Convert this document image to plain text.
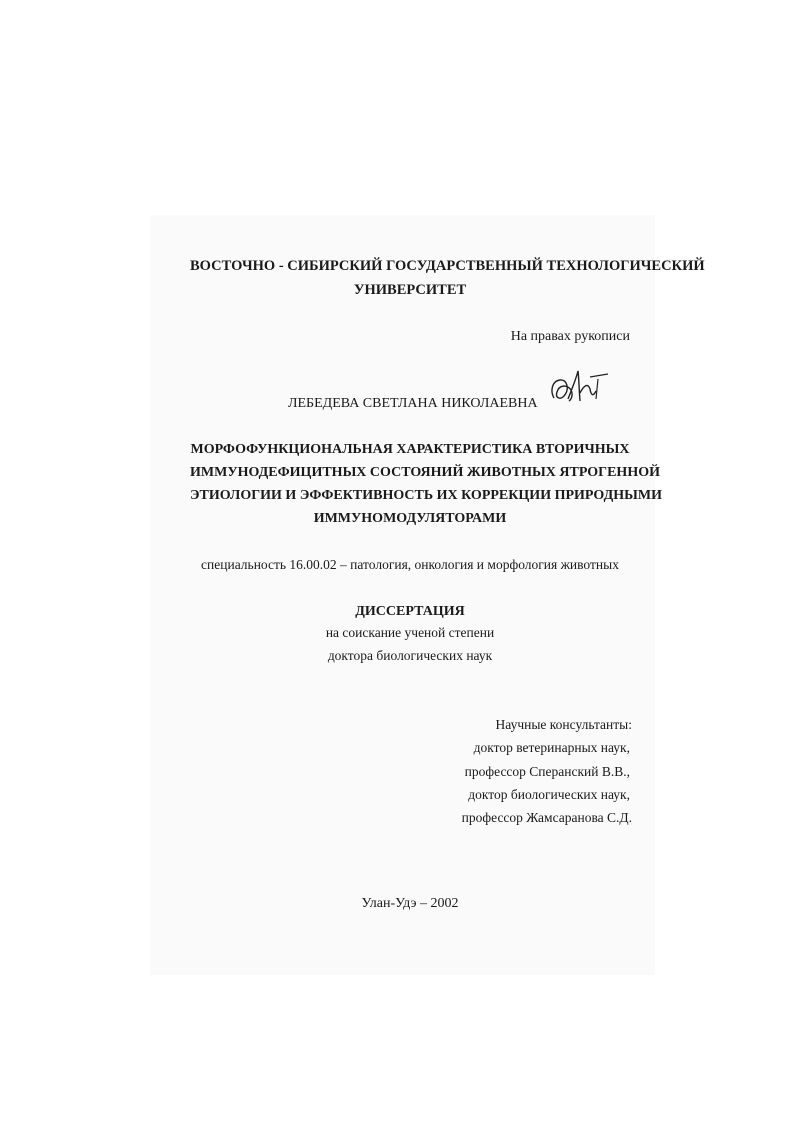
ВОСТОЧНО - СИБИРСКИЙ ГОСУДАРСТВЕННЫЙ ТЕХНОЛОГИЧЕСКИЙ
УНИВЕРСИТЕТ
На правах рукописи
ЛЕБЕДЕВА СВЕТЛАНА НИКОЛАЕВНА
МОРФОФУНКЦИОНАЛЬНАЯ ХАРАКТЕРИСТИКА ВТОРИЧНЫХ
ИММУНОДЕФИЦИТНЫХ СОСТОЯНИЙ ЖИВОТНЫХ ЯТРОГЕННОЙ
ЭТИОЛОГИИ И ЭФФЕКТИВНОСТЬ ИХ КОРРЕКЦИИ ПРИРОДНЫМИ
ИММУНОМОДУЛЯТОРАМИ
специальность 16.00.02 – патология, онкология и морфология животных
ДИССЕРТАЦИЯ
на соискание ученой степени
доктора биологических наук
Научные консультанты:
доктор ветеринарных наук,
профессор Сперанский В.В.,
доктор биологических наук,
профессор Жамсаранова С.Д.
Улан-Удэ – 2002
